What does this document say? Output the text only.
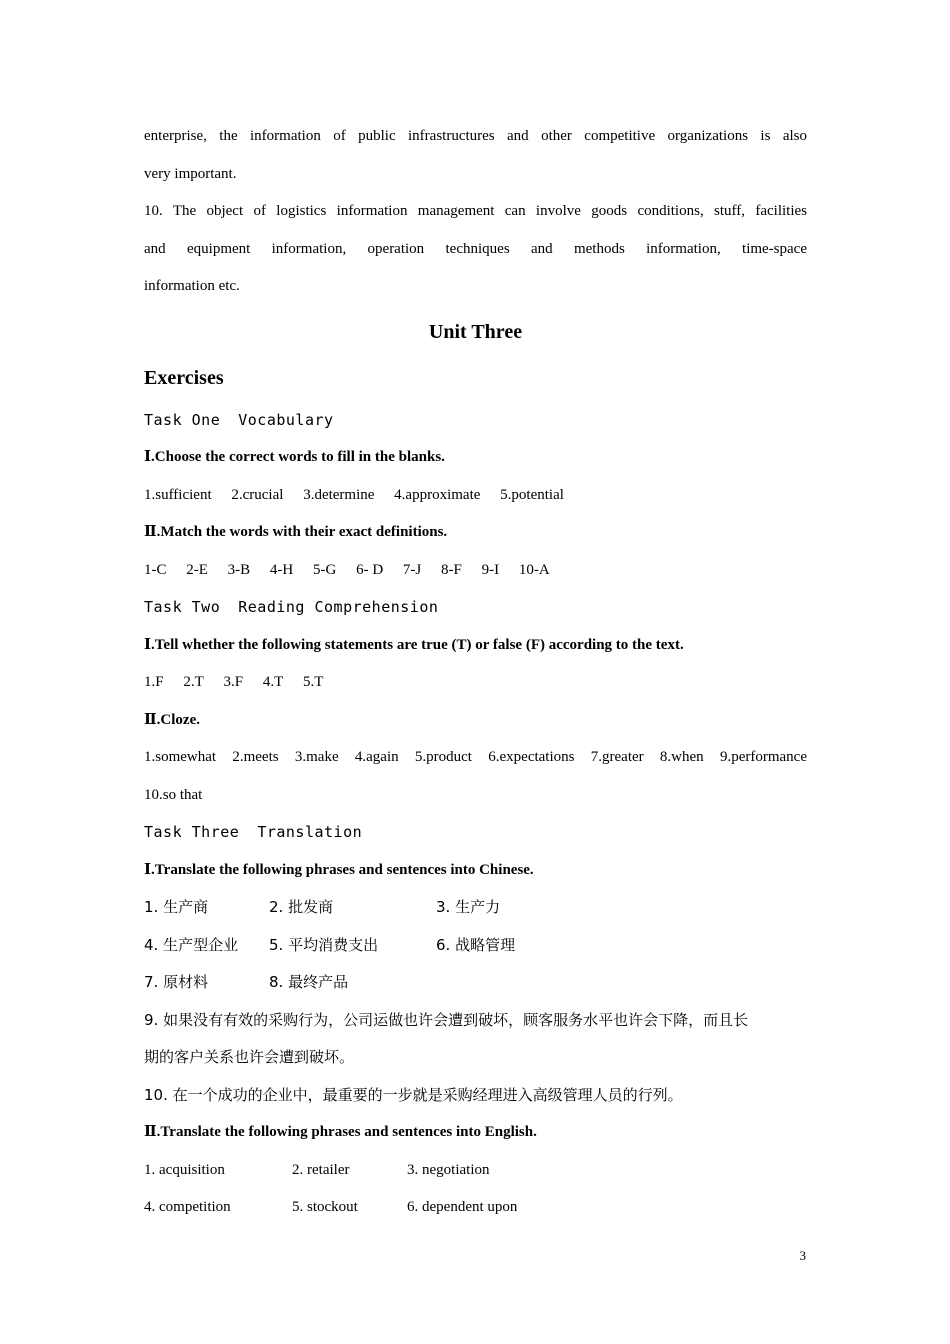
enterprise, the information of public infrastructures and other competitive organizations is also

very important.

10. The object of logistics information management can involve goods conditions, stuff, facilities

and equipment information, operation techniques and methods information, time-space

information etc.

Unit Three
Exercises

Task One Vocabulary

Ⅰ.Choose the correct words to fill in the blanks.

1.sufficient 2.crucial 3.determine 4.approximate 5.potential

Ⅱ.Match the words with their exact definitions.

1-C 2-E 3-B 4-H 5-G 6- D 7-J 8-F 9-I 10-A

Task Two Reading Comprehension

Ⅰ.Tell whether the following statements are true (T) or false (F) according to the text.

1.F 2.T 3.F 4.T 5.T

Ⅱ.Cloze.

1.somewhat 2.meets 3.make 4.again 5.product 6.expectations 7.greater 8.when 9.performance

10.so that

Task Three Translation

Ⅰ.Translate the following phrases and sentences into Chinese.

1. 生产商	2. 批发商	3. 生产力
4. 生产型企业	5. 平均消费支出	6. 战略管理
7. 原材料	8. 最终产品

9. 如果没有有效的采购行为，公司运做也许会遭到破坏，顾客服务水平也许会下降，而且长

期的客户关系也许会遭到破坏。

10. 在一个成功的企业中，最重要的一步就是采购经理进入高级管理人员的行列。

Ⅱ.Translate the following phrases and sentences into English.

1. acquisition	2. retailer	3. negotiation
4. competition	5. stockout	6. dependent upon
3
